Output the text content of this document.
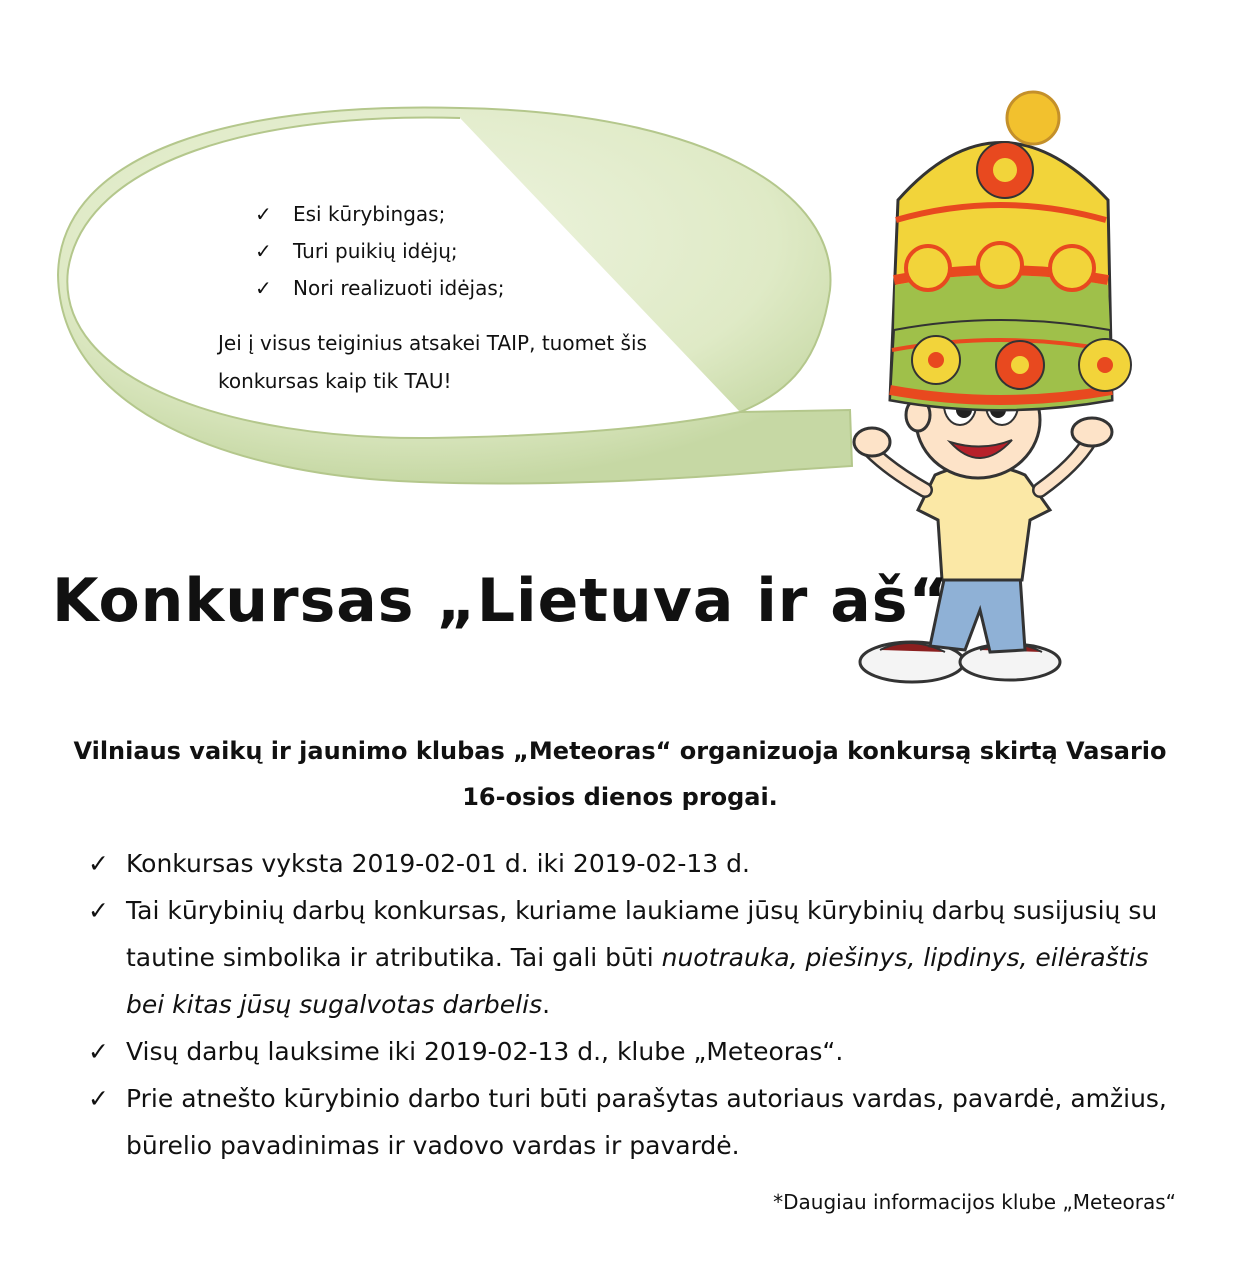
✓ Esi kūrybingas;
✓ Turi puikių idėjų;
✓ Nori realizuoti idėjas;

Jei į visus teiginius atsakei TAIP, tuomet šis konkursas kaip tik TAU!

Konkursas „Lietuva ir aš“

Vilniaus vaikų ir jaunimo klubas „Meteoras“ organizuoja konkursą skirtą Vasario 16-osios dienos progai.

✓ Konkursas vyksta 2019-02-01 d. iki 2019-02-13 d.
✓ Tai kūrybinių darbų konkursas, kuriame laukiame jūsų kūrybinių darbų susijusių su tautine simbolika ir atributika. Tai gali būti nuotrauka, piešinys, lipdinys, eilėraštis bei kitas jūsų sugalvotas darbelis.
✓ Visų darbų lauksime iki 2019-02-13 d., klube „Meteoras“.
✓ Prie atnešto kūrybinio darbo turi būti parašytas autoriaus vardas, pavardė, amžius, būrelio pavadinimas ir vadovo vardas ir pavardė.

*Daugiau informacijos klube „Meteoras“
